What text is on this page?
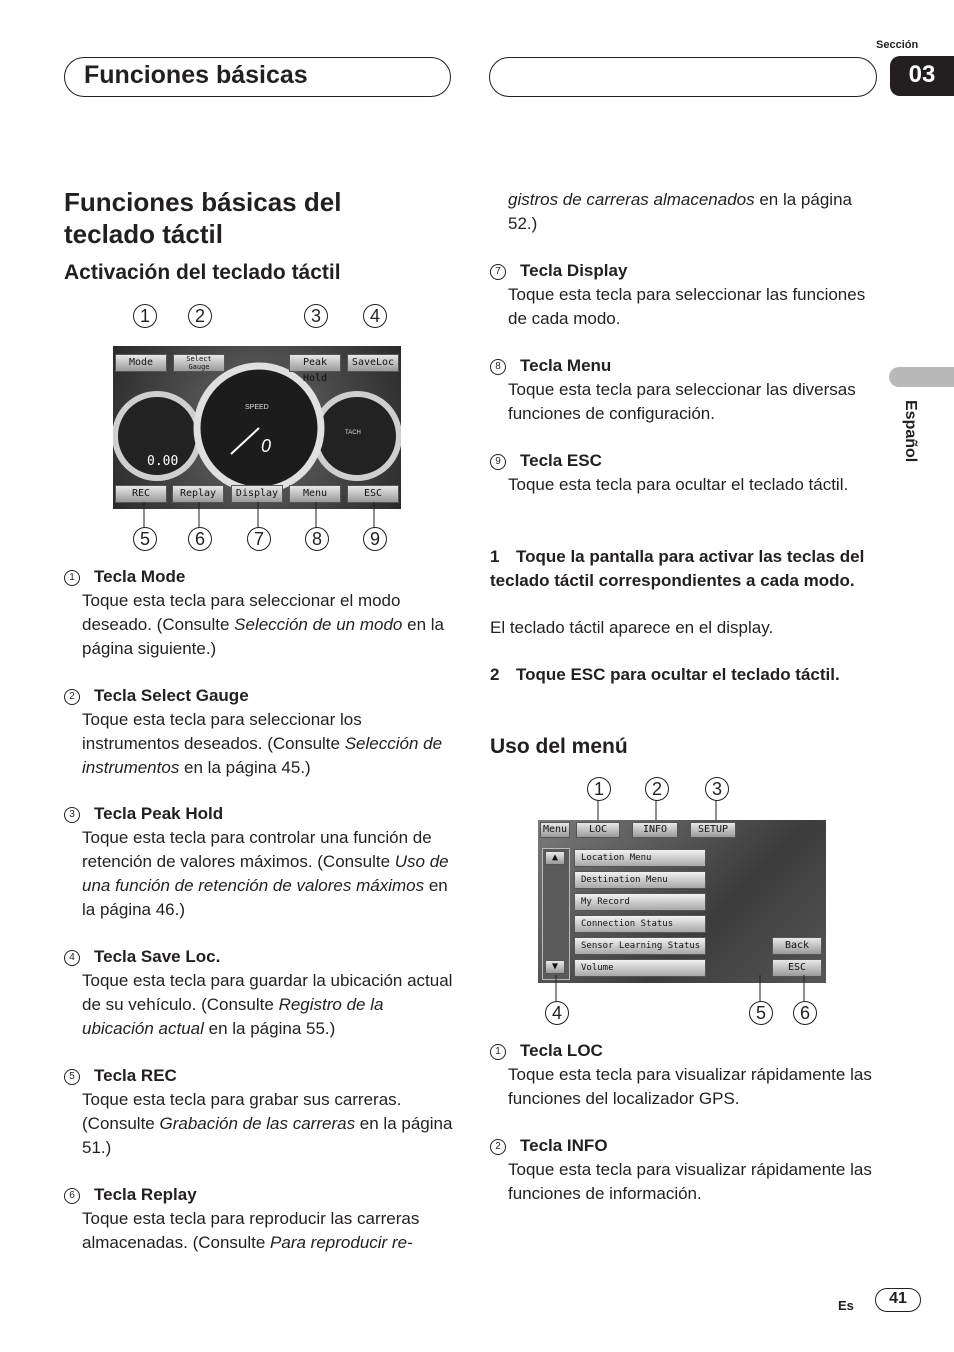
Funciones básicas
Sección
03
Español
Funciones básicas del teclado táctil
Activación del teclado táctil
1	2	3	4
SPEED
0
0.00
TACH
Mode	Select Gauge	Peak Hold
SaveLoc
REC	Replay	Display	Menu	ESC
5	6	7	8	9
1 Tecla Mode
Toque esta tecla para seleccionar el modo deseado. (Consulte Selección de un modo en la página siguiente.)
2 Tecla Select Gauge
Toque esta tecla para seleccionar los instrumentos deseados. (Consulte Selección de instrumentos en la página 45.)
3 Tecla Peak Hold
Toque esta tecla para controlar una función de retención de valores máximos. (Consulte Uso de una función de retención de valores máximos en la página 46.)
4 Tecla Save Loc.
Toque esta tecla para guardar la ubicación actual de su vehículo. (Consulte Registro de la ubicación actual en la página 55.)
5 Tecla REC
Toque esta tecla para grabar sus carreras. (Consulte Grabación de las carreras en la página 51.)
6 Tecla Replay
Toque esta tecla para reproducir las carreras almacenadas. (Consulte Para reproducir re-
gistros de carreras almacenados en la página 52.)
7 Tecla Display
Toque esta tecla para seleccionar las funciones de cada modo.
8 Tecla Menu
Toque esta tecla para seleccionar las diversas funciones de configuración.
9 Tecla ESC
Toque esta tecla para ocultar el teclado táctil.
1 Toque la pantalla para activar las teclas del teclado táctil correspondientes a cada modo.
El teclado táctil aparece en el display.
2 Toque ESC para ocultar el teclado táctil.
Uso del menú
1	2	3
Menu	LOC	INFO	SETUP
▲
▼
Location Menu
Destination Menu
My Record
Connection Status
Sensor Learning Status
Volume
Back
ESC
4	5	6
1 Tecla LOC
Toque esta tecla para visualizar rápidamente las funciones del localizador GPS.
2 Tecla INFO
Toque esta tecla para visualizar rápidamente las funciones de información.
Es	41
